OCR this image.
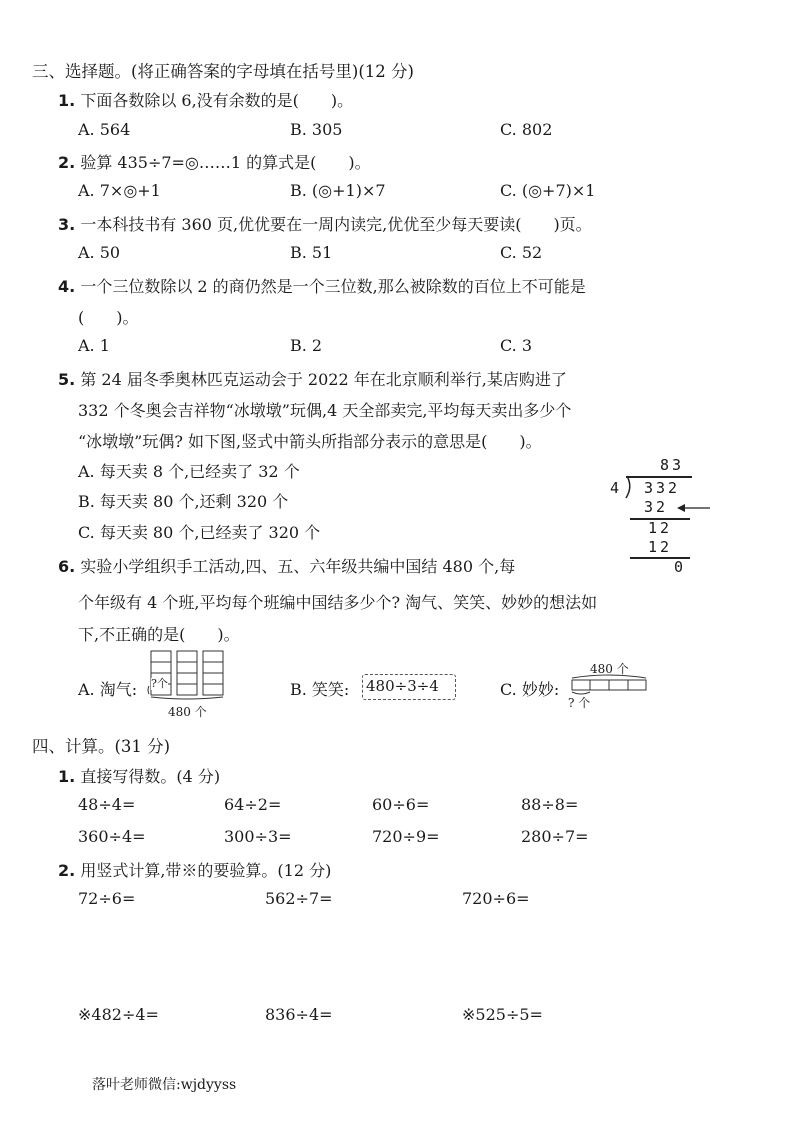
三、选择题。(将正确答案的字母填在括号里)(12 分)
1. 下面各数除以 6,没有余数的是(　　)。
A. 564	B. 305	C. 802
2. 验算 435÷7=◎……1 的算式是(　　)。
A. 7×◎+1	B. (◎+1)×7	C. (◎+7)×1
3. 一本科技书有 360 页,优优要在一周内读完,优优至少每天要读(　　)页。
A. 50	B. 51	C. 52
4. 一个三位数除以 2 的商仍然是一个三位数,那么被除数的百位上不可能是
(　　)。
A. 1	B. 2	C. 3
5. 第 24 届冬季奥林匹克运动会于 2022 年在北京顺利举行,某店购进了
332 个冬奥会吉祥物“冰墩墩”玩偶,4 天全部卖完,平均每天卖出多少个
“冰墩墩”玩偶? 如下图,竖式中箭头所指部分表示的意思是(　　)。
A. 每天卖 8 个,已经卖了 32 个
B. 每天卖 80 个,还剩 320 个
C. 每天卖 80 个,已经卖了 320 个
83
4 332
32
12
12
0
6. 实验小学组织手工活动,四、五、六年级共编中国结 480 个,每
个年级有 4 个班,平均每个班编中国结多少个? 淘气、笑笑、妙妙的想法如
下,不正确的是(　　)。
A. 淘气: ?个
480 个
B. 笑笑: 480÷3÷4	C. 妙妙:
480 个
? 个
四、计算。(31 分)
1. 直接写得数。(4 分)
48÷4=	64÷2=	60÷6=	88÷8=
360÷4=	300÷3=	720÷9=	280÷7=
2. 用竖式计算,带※的要验算。(12 分)
72÷6=	562÷7=	720÷6=
※482÷4=	836÷4=	※525÷5=
落叶老师微信:wjdyyss
